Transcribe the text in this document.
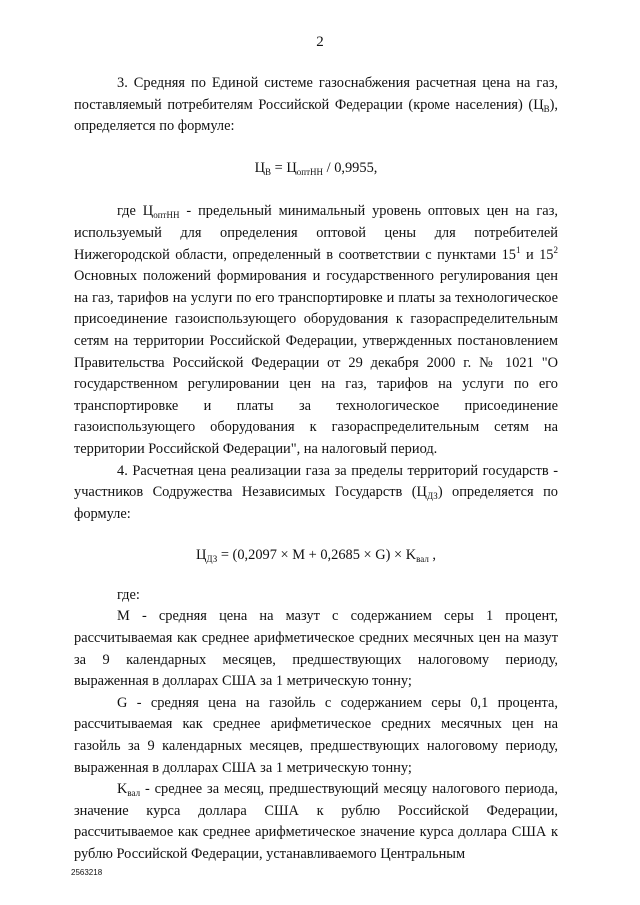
2

3. Средняя по Единой системе газоснабжения расчетная цена на газ, поставляемый потребителям Российской Федерации (кроме населения) $(Ц_В)$, определяется по формуле:

$Ц_В = Ц_{оптНН} / 0,9955$,

где $Ц_{оптНН}$ - предельный минимальный уровень оптовых цен на газ, используемый для определения оптовой цены для потребителей Нижегородской области, определенный в соответствии с пунктами $15^1$ и $15^2$ Основных положений формирования и государственного регулирования цен на газ, тарифов на услуги по его транспортировке и платы за технологическое присоединение газоиспользующего оборудования к газораспределительным сетям на территории Российской Федерации, утвержденных постановлением Правительства Российской Федерации от 29 декабря 2000 г. № 1021 "О государственном регулировании цен на газ, тарифов на услуги по его транспортировке и платы за технологическое присоединение газоиспользующего оборудования к газораспределительным сетям на территории Российской Федерации", на налоговый период.

4. Расчетная цена реализации газа за пределы территорий государств - участников Содружества Независимых Государств $(Ц_{ДЗ})$ определяется по формуле:

$Ц_{ДЗ} = (0,2097 \times M + 0,2685 \times G) \times K_{вал}$ ,

где:

M - средняя цена на мазут с содержанием серы 1 процент, рассчитываемая как среднее арифметическое средних месячных цен на мазут за 9 календарных месяцев, предшествующих налоговому периоду, выраженная в долларах США за 1 метрическую тонну;

G - средняя цена на газойль с содержанием серы 0,1 процента, рассчитываемая как среднее арифметическое средних месячных цен на газойль за 9 календарных месяцев, предшествующих налоговому периоду, выраженная в долларах США за 1 метрическую тонну;

$K_{вал}$ - среднее за месяц, предшествующий месяцу налогового периода, значение курса доллара США к рублю Российской Федерации, рассчитываемое как среднее арифметическое значение курса доллара США к рублю Российской Федерации, устанавливаемого Центральным

2563218
